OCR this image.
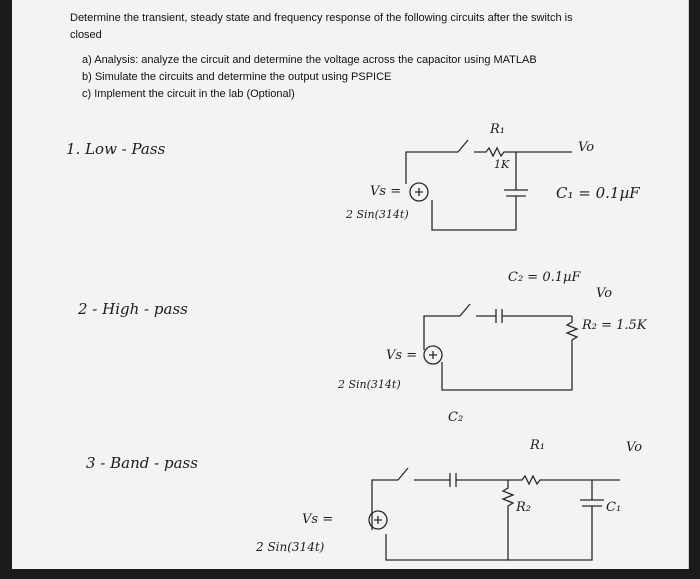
Determine the transient, steady state and frequency response of the following circuits after the switch is
closed
a) Analysis: analyze the circuit and determine the voltage across the capacitor using MATLAB
b) Simulate the circuits and determine the output using PSPICE
c) Implement the circuit in the lab (Optional)
1. Low - Pass
R₁
1K
Vo
Vs =
2 Sin(314t)
C₁ = 0.1µF
C₂ = 0.1µF
Vo
2 - High - pass
R₂ = 1.5K
Vs =
2 Sin(314t)
C₂
R₁	Vo
3 - Band - pass
R₂	C₁
Vs =
2 Sin(314t)
